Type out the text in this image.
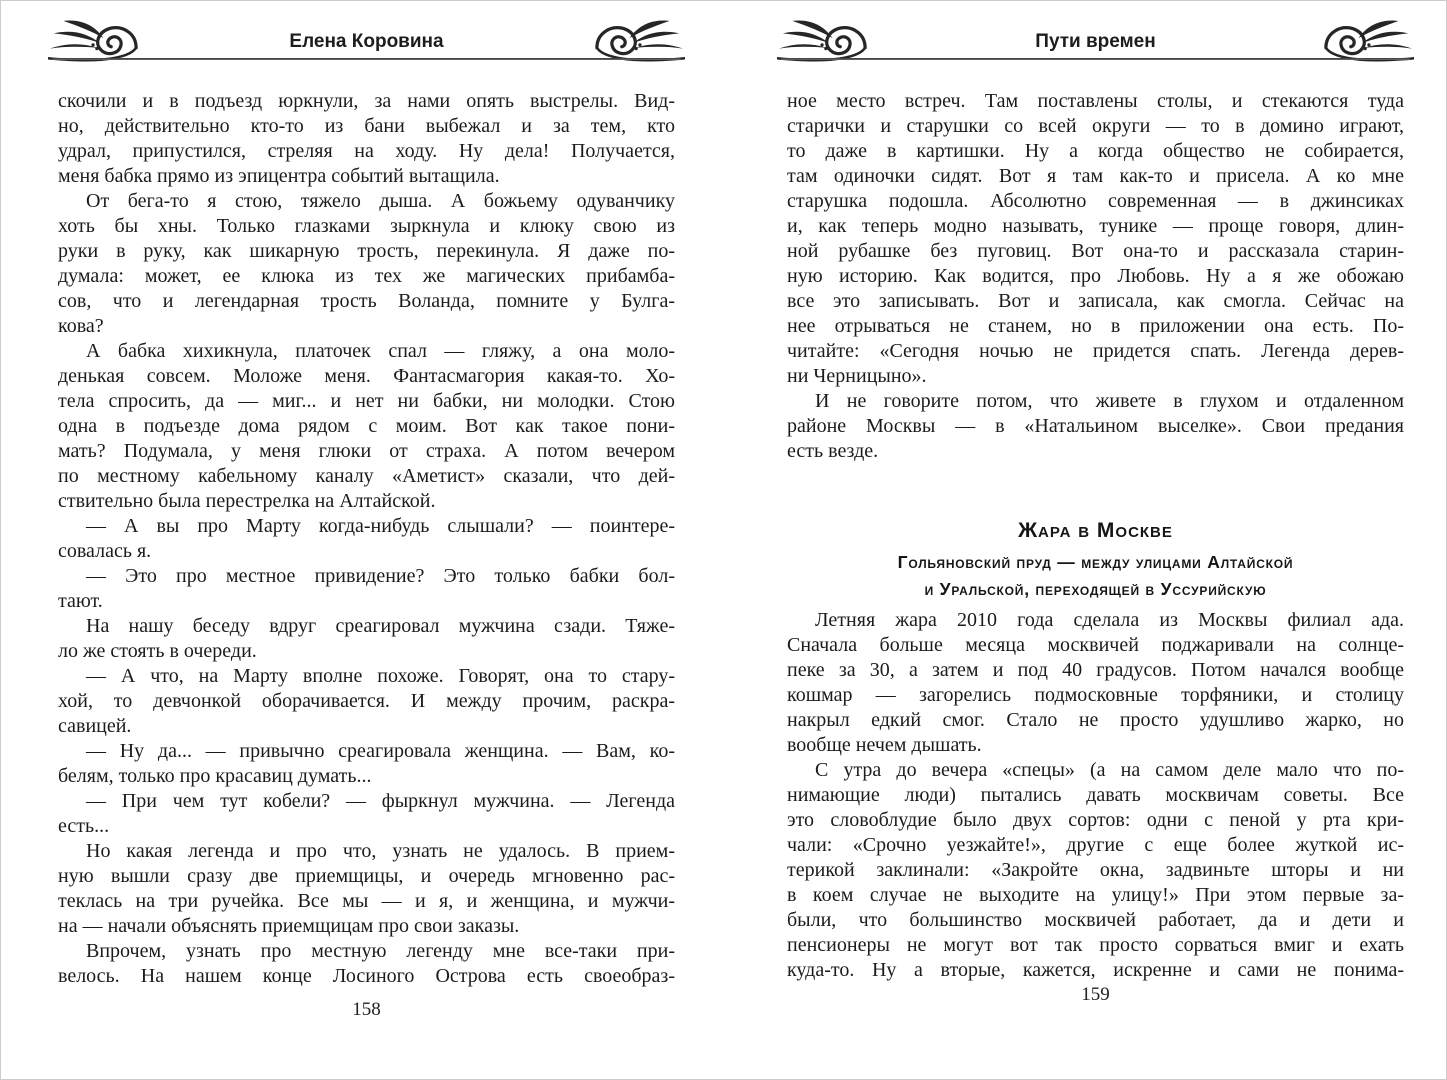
Елена Коровина
скочили и в подъезд юркнули, за нами опять выстрелы. Вид-
но, действительно кто-то из бани выбежал и за тем, кто
удрал, припустился, стреляя на ходу. Ну дела! Получается,
меня бабка прямо из эпицентра событий вытащила.
От бега-то я стою, тяжело дыша. А божьему одуванчику
хоть бы хны. Только глазками зыркнула и клюку свою из
руки в руку, как шикарную трость, перекинула. Я даже по-
думала: может, ее клюка из тех же магических прибамба-
сов, что и легендарная трость Воланда, помните у Булга-
кова?
А бабка хихикнула, платочек спал — гляжу, а она моло-
денькая совсем. Моложе меня. Фантасмагория какая-то. Хо-
тела спросить, да — миг... и нет ни бабки, ни молодки. Стою
одна в подъезде дома рядом с моим. Вот как такое пони-
мать? Подумала, у меня глюки от страха. А потом вечером
по местному кабельному каналу «Аметист» сказали, что дей-
ствительно была перестрелка на Алтайской.
— А вы про Марту когда-нибудь слышали? — поинтере-
совалась я.
— Это про местное привидение? Это только бабки бол-
тают.
На нашу беседу вдруг среагировал мужчина сзади. Тяже-
ло же стоять в очереди.
— А что, на Марту вполне похоже. Говорят, она то стару-
хой, то девчонкой оборачивается. И между прочим, раскра-
савицей.
— Ну да... — привычно среагировала женщина. — Вам, ко-
белям, только про красавиц думать...
— При чем тут кобели? — фыркнул мужчина. — Легенда
есть...
Но какая легенда и про что, узнать не удалось. В прием-
ную вышли сразу две приемщицы, и очередь мгновенно рас-
теклась на три ручейка. Все мы — и я, и женщина, и мужчи-
на — начали объяснять приемщицам про свои заказы.
Впрочем, узнать про местную легенду мне все-таки при-
велось. На нашем конце Лосиного Острова есть своеобраз-
158
Пути времен
ное место встреч. Там поставлены столы, и стекаются туда
старички и старушки со всей округи — то в домино играют,
то даже в картишки. Ну а когда общество не собирается,
там одиночки сидят. Вот я там как-то и присела. А ко мне
старушка подошла. Абсолютно современная — в джинсиках
и, как теперь модно называть, тунике — проще говоря, длин-
ной рубашке без пуговиц. Вот она-то и рассказала старин-
ную историю. Как водится, про Любовь. Ну а я же обожаю
все это записывать. Вот и записала, как смогла. Сейчас на
нее отрываться не станем, но в приложении она есть. По-
читайте: «Сегодня ночью не придется спать. Легенда дерев-
ни Черницыно».
И не говорите потом, что живете в глухом и отдаленном
районе Москвы — в «Натальином выселке». Свои предания
есть везде.
Жара в Москве
Гольяновский пруд — между улицами Алтайской
и Уральской, переходящей в Уссурийскую
Летняя жара 2010 года сделала из Москвы филиал ада.
Сначала больше месяца москвичей поджаривали на солнце-
пеке за 30, а затем и под 40 градусов. Потом начался вообще
кошмар — загорелись подмосковные торфяники, и столицу
накрыл едкий смог. Стало не просто удушливо жарко, но
вообще нечем дышать.
С утра до вечера «спецы» (а на самом деле мало что по-
нимающие люди) пытались давать москвичам советы. Все
это словоблудие было двух сортов: одни с пеной у рта кри-
чали: «Срочно уезжайте!», другие с еще более жуткой ис-
терикой заклинали: «Закройте окна, задвиньте шторы и ни
в коем случае не выходите на улицу!» При этом первые за-
были, что большинство москвичей работает, да и дети и
пенсионеры не могут вот так просто сорваться вмиг и ехать
куда-то. Ну а вторые, кажется, искренне и сами не понима-
159
